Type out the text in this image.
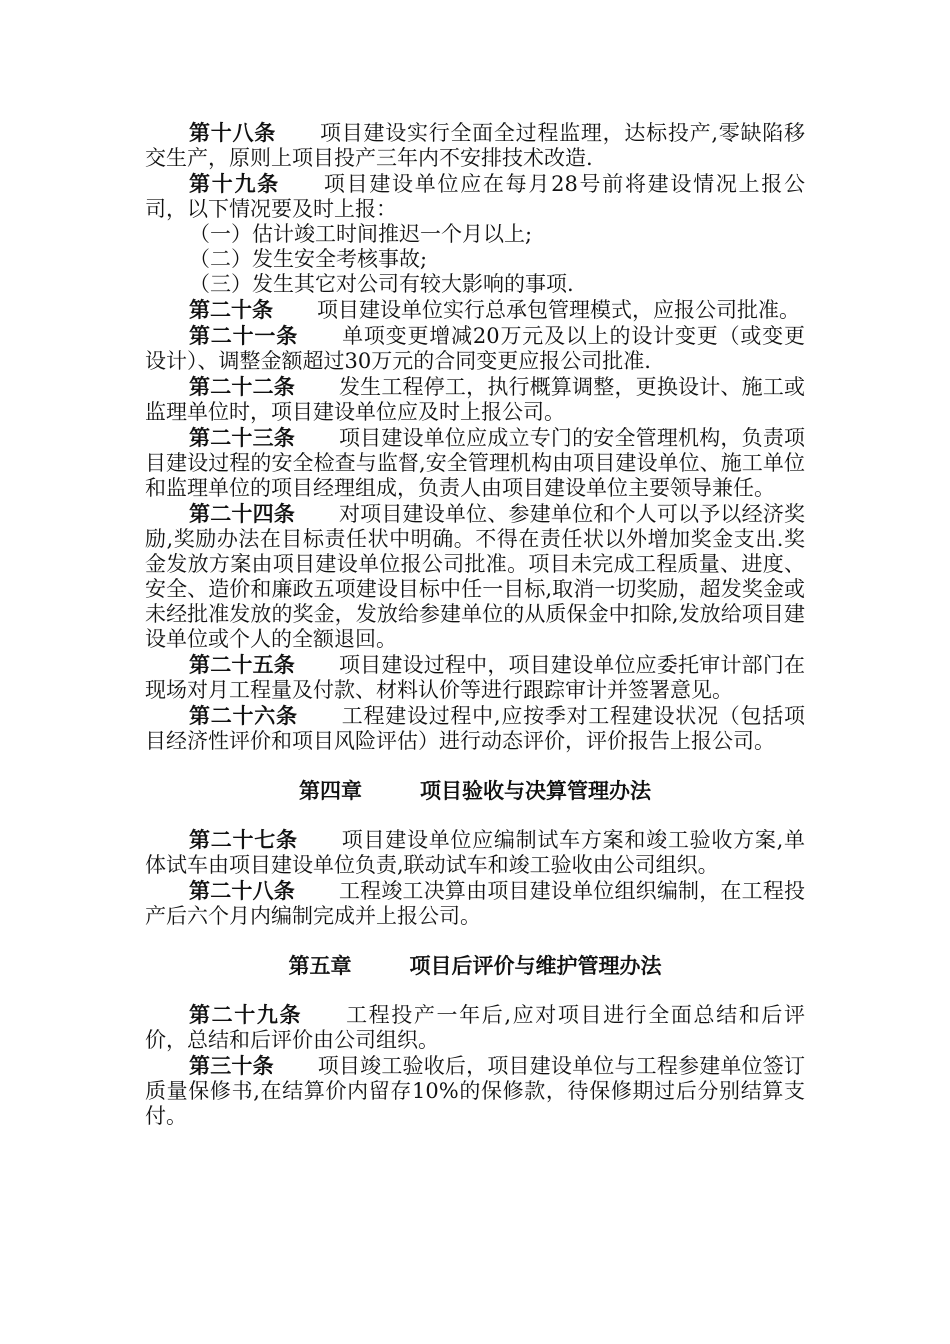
第十八条 项目建设实行全面全过程监理，达标投产,零缺陷移交生产，原则上项目投产三年内不安排技术改造.

第十九条 项目建设单位应在每月28号前将建设情况上报公司，以下情况要及时上报：

（一）估计竣工时间推迟一个月以上;

（二）发生安全考核事故;

（三）发生其它对公司有较大影响的事项.

第二十条 项目建设单位实行总承包管理模式，应报公司批准。

第二十一条 单项变更增减20万元及以上的设计变更（或变更设计）、调整金额超过30万元的合同变更应报公司批准.

第二十二条 发生工程停工，执行概算调整，更换设计、施工或监理单位时，项目建设单位应及时上报公司。

第二十三条 项目建设单位应成立专门的安全管理机构，负责项目建设过程的安全检查与监督,安全管理机构由项目建设单位、施工单位和监理单位的项目经理组成，负责人由项目建设单位主要领导兼任。

第二十四条 对项目建设单位、参建单位和个人可以予以经济奖励,奖励办法在目标责任状中明确。不得在责任状以外增加奖金支出.奖金发放方案由项目建设单位报公司批准。项目未完成工程质量、进度、安全、造价和廉政五项建设目标中任一目标,取消一切奖励，超发奖金或未经批准发放的奖金，发放给参建单位的从质保金中扣除,发放给项目建设单位或个人的全额退回。

第二十五条 项目建设过程中，项目建设单位应委托审计部门在现场对月工程量及付款、材料认价等进行跟踪审计并签署意见。

第二十六条 工程建设过程中,应按季对工程建设状况（包括项目经济性评价和项目风险评估）进行动态评价，评价报告上报公司。

第四章	项目验收与决算管理办法

第二十七条 项目建设单位应编制试车方案和竣工验收方案,单体试车由项目建设单位负责,联动试车和竣工验收由公司组织。

第二十八条 工程竣工决算由项目建设单位组织编制，在工程投产后六个月内编制完成并上报公司。

第五章	项目后评价与维护管理办法

第二十九条 工程投产一年后,应对项目进行全面总结和后评价，总结和后评价由公司组织。

第三十条 项目竣工验收后，项目建设单位与工程参建单位签订质量保修书,在结算价内留存10%的保修款，待保修期过后分别结算支付。
